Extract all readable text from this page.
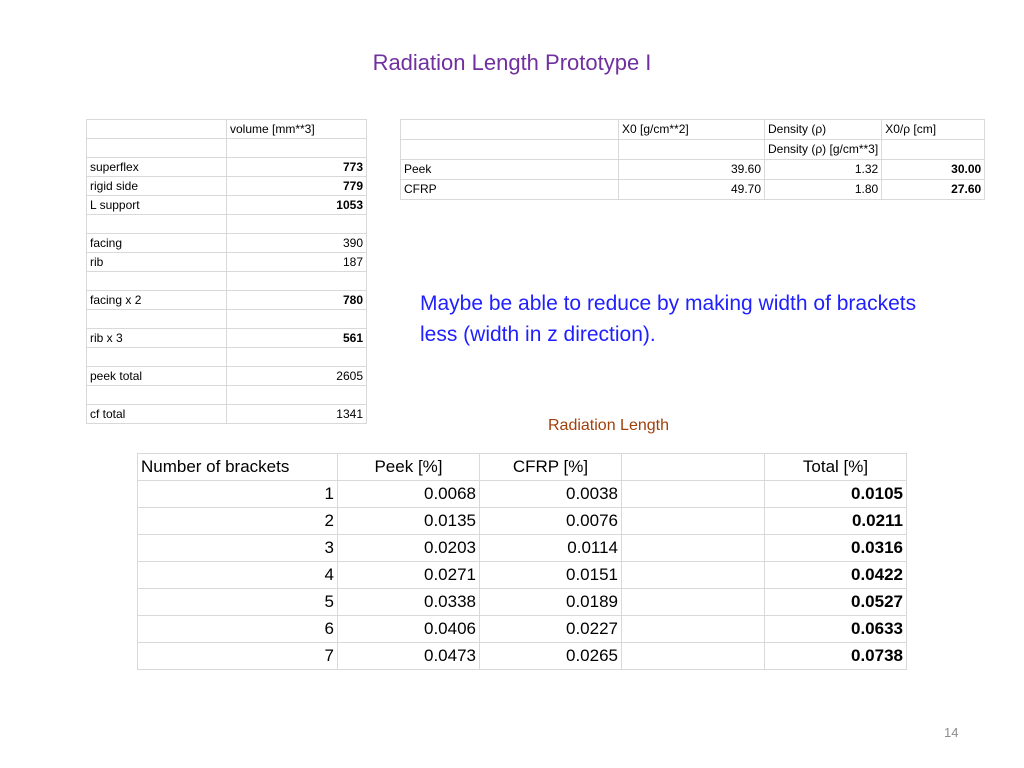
Radiation Length Prototype I
	volume [mm**3]

superflex	773
rigid side	779
L support	1053

facing	390
rib	187

facing x 2	780

rib x 3	561

peek total	2605

cf total	1341
	X0 [g/cm**2]	Density (ρ)	X0/ρ [cm]
		Density (ρ) [g/cm**3]	
Peek	39.60	1.32	30.00
CFRP	49.70	1.80	27.60
Maybe be able to reduce by making width of brackets less (width in z direction).
Radiation Length
Number of brackets	Peek [%]	CFRP [%]		Total [%]
1	0.0068	0.0038		0.0105
2	0.0135	0.0076		0.0211
3	0.0203	0.0114		0.0316
4	0.0271	0.0151		0.0422
5	0.0338	0.0189		0.0527
6	0.0406	0.0227		0.0633
7	0.0473	0.0265		0.0738
14
